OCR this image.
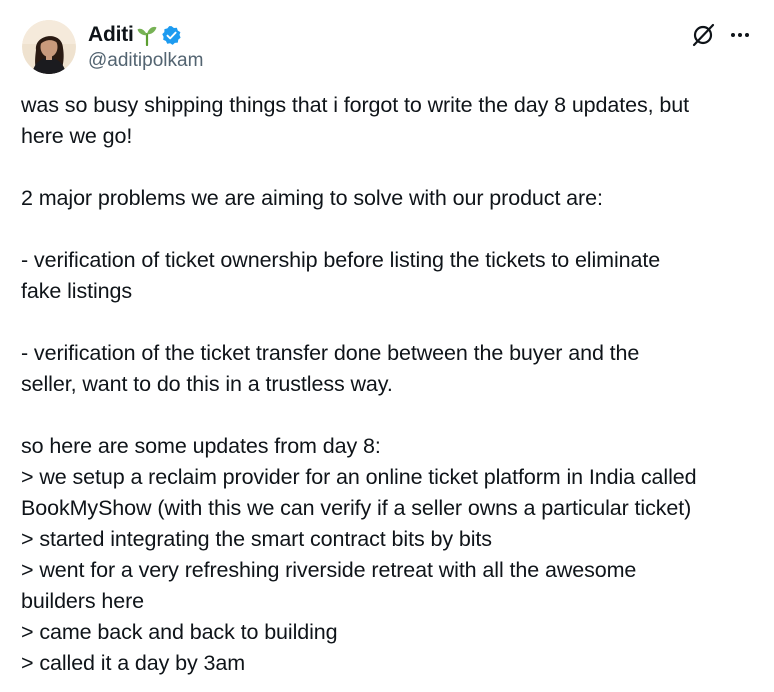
Aditi
@aditipolkam

was so busy shipping things that i forgot to write the day 8 updates, but
here we go!

2 major problems we are aiming to solve with our product are:

- verification of ticket ownership before listing the tickets to eliminate
fake listings

- verification of the ticket transfer done between the buyer and the
seller, want to do this in a trustless way.

so here are some updates from day 8:
> we setup a reclaim provider for an online ticket platform in India called
BookMyShow (with this we can verify if a seller owns a particular ticket)
> started integrating the smart contract bits by bits
> went for a very refreshing riverside retreat with all the awesome
builders here
> came back and back to building
> called it a day by 3am
